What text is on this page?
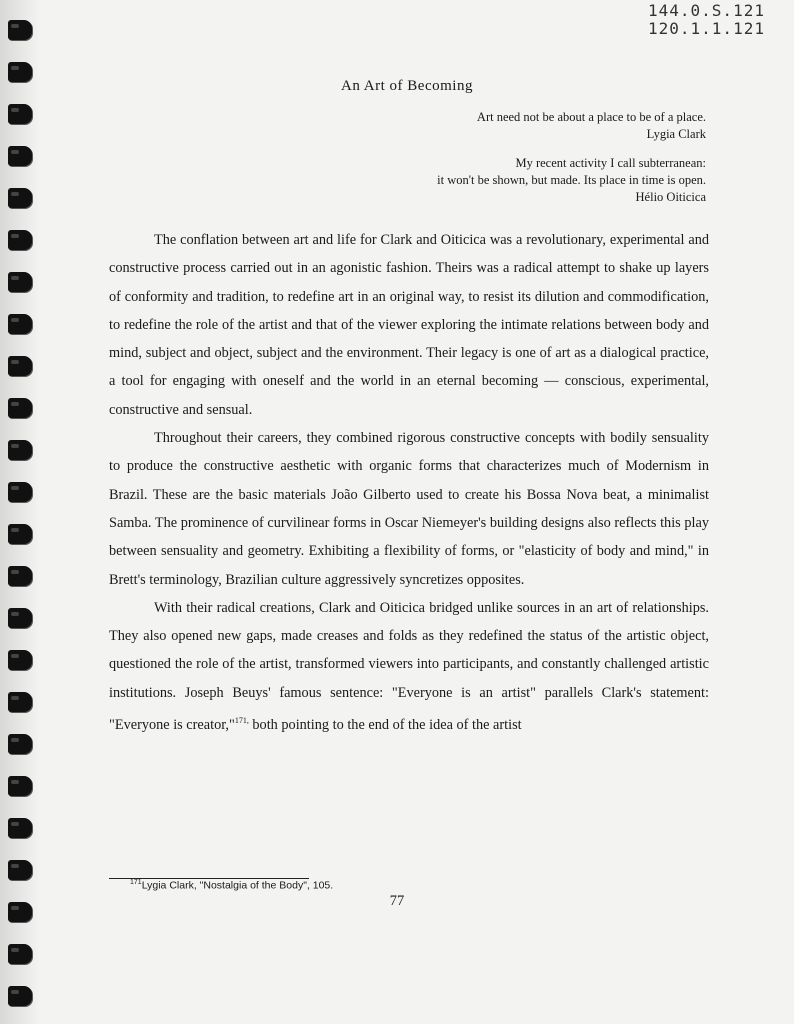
144.0.S.121
120.1.1.121
An Art of Becoming
Art need not be about a place to be of a place.
Lygia Clark
My recent activity I call subterranean:
it won't be shown, but made. Its place in time is open.
Hélio Oiticica

The conflation between art and life for Clark and Oiticica was a revolutionary, experimental and constructive process carried out in an agonistic fashion. Theirs was a radical attempt to shake up layers of conformity and tradition, to redefine art in an original way, to resist its dilution and commodification, to redefine the role of the artist and that of the viewer exploring the intimate relations between body and mind, subject and object, subject and the environment. Their legacy is one of art as a dialogical practice, a tool for engaging with oneself and the world in an eternal becoming — conscious, experimental, constructive and sensual.

Throughout their careers, they combined rigorous constructive concepts with bodily sensuality to produce the constructive aesthetic with organic forms that characterizes much of Modernism in Brazil. These are the basic materials João Gilberto used to create his Bossa Nova beat, a minimalist Samba. The prominence of curvilinear forms in Oscar Niemeyer's building designs also reflects this play between sensuality and geometry. Exhibiting a flexibility of forms, or "elasticity of body and mind," in Brett's terminology, Brazilian culture aggressively syncretizes opposites.

With their radical creations, Clark and Oiticica bridged unlike sources in an art of relationships. They also opened new gaps, made creases and folds as they redefined the status of the artistic object, questioned the role of the artist, transformed viewers into participants, and constantly challenged artistic institutions. Joseph Beuys' famous sentence: "Everyone is an artist" parallels Clark's statement: "Everyone is creator,"$^{171,}$ both pointing to the end of the idea of the artist

$^{171}$Lygia Clark, "Nostalgia of the Body", 105.
77
